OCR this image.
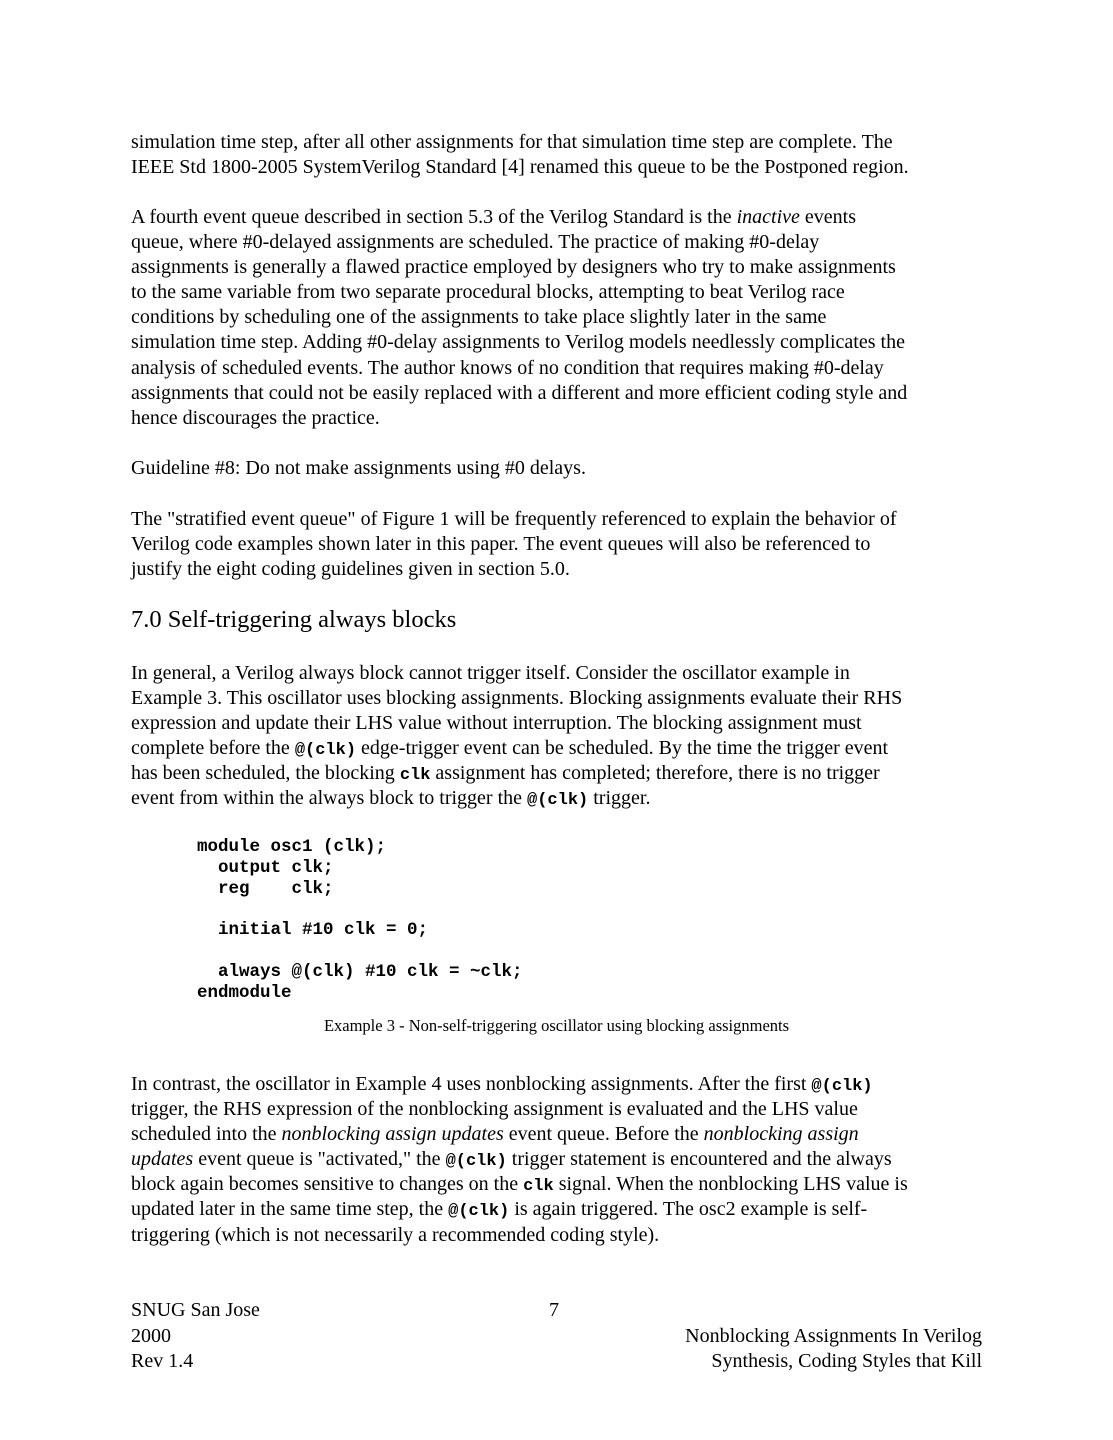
simulation time step, after all other assignments for that simulation time step are complete. The
IEEE Std 1800-2005 SystemVerilog Standard [4] renamed this queue to be the Postponed region.
A fourth event queue described in section 5.3 of the Verilog Standard is the inactive events
queue, where #0-delayed assignments are scheduled. The practice of making #0-delay
assignments is generally a flawed practice employed by designers who try to make assignments
to the same variable from two separate procedural blocks, attempting to beat Verilog race
conditions by scheduling one of the assignments to take place slightly later in the same
simulation time step. Adding #0-delay assignments to Verilog models needlessly complicates the
analysis of scheduled events. The author knows of no condition that requires making #0-delay
assignments that could not be easily replaced with a different and more efficient coding style and
hence discourages the practice.
Guideline #8: Do not make assignments using #0 delays.
The "stratified event queue" of Figure 1 will be frequently referenced to explain the behavior of
Verilog code examples shown later in this paper. The event queues will also be referenced to
justify the eight coding guidelines given in section 5.0.
In general, a Verilog always block cannot trigger itself. Consider the oscillator example in
Example 3. This oscillator uses blocking assignments. Blocking assignments evaluate their RHS
expression and update their LHS value without interruption. The blocking assignment must
complete before the @(clk) edge-trigger event can be scheduled. By the time the trigger event
has been scheduled, the blocking clk assignment has completed; therefore, there is no trigger
event from within the always block to trigger the @(clk) trigger.
In contrast, the oscillator in Example 4 uses nonblocking assignments. After the first @(clk)
trigger, the RHS expression of the nonblocking assignment is evaluated and the LHS value
scheduled into the nonblocking assign updates event queue. Before the nonblocking assign
updates event queue is "activated," the @(clk) trigger statement is encountered and the always
block again becomes sensitive to changes on the clk signal. When the nonblocking LHS value is
updated later in the same time step, the @(clk) is again triggered. The osc2 example is self-
triggering (which is not necessarily a recommended coding style).
7.0 Self-triggering always blocks
module osc1 (clk);
output clk;
reg    clk;

initial #10 clk = 0;

always @(clk) #10 clk = ~clk;
endmodule
Example 3 - Non-self-triggering oscillator using blocking assignments
SNUG San Jose
2000
Rev 1.4
7

Nonblocking Assignments In Verilog
Synthesis, Coding Styles that Kill
